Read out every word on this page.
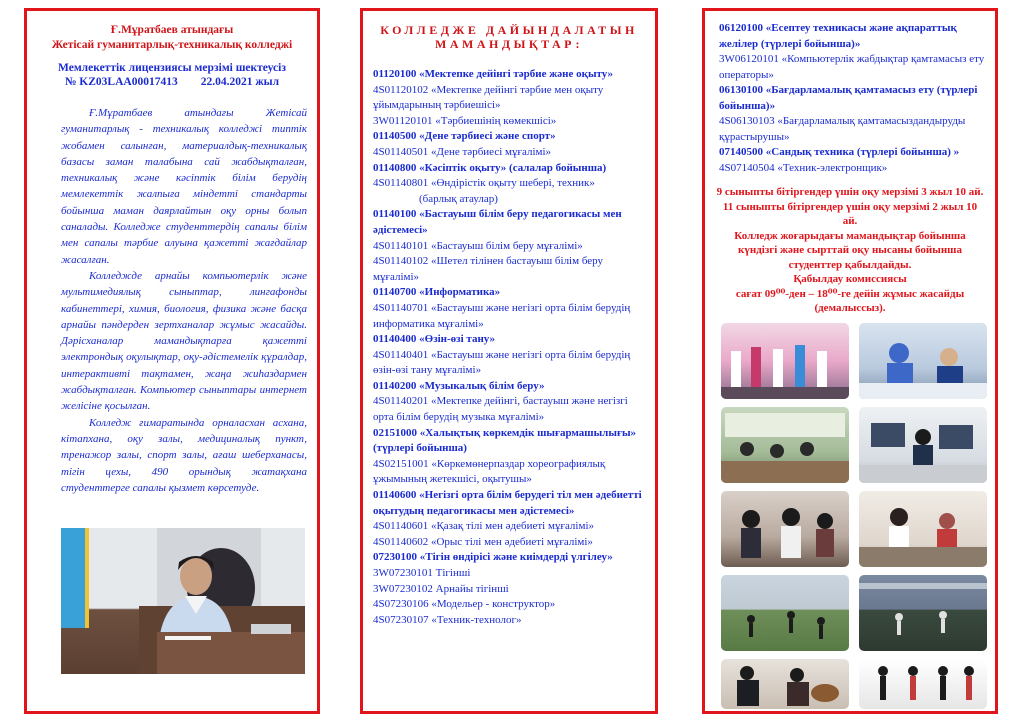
Ғ.Мұратбаев атындағы
Жетісай гуманитарлық-техникалық колледжі
Мемлекеттік лицензиясы мерзімі шектеусіз
№ KZ03LAA00017413        22.04.2021 жыл

Ғ.Мұратбаев атындағы Жетісай гуманитарлық - техникалық колледжі типтік жобамен салынған, материалдық-техникалық базасы заман талабына сай жабдықталған, техникалық және кәсіптік білім берудің мемлекеттік жалпыға міндетті стандарты бойынша маман даярлайтын оқу орны болып саналады. Колледже студенттердің сапалы білім мен сапалы тәрбие алуына қажетті жағдайлар жасалған.

Колледжде арнайы компьютерлік және мультимедиялық сыныптар, лингафонды кабинеттері, химия, биология, физика және басқа арнайы пәндерден зертханалар жұмыс жасайды. Дәрісханалар мамандықтарға қажетті электрондық оқулықтар, оқу-әдістемелік құралдар, интерактивті тақтамен, жаңа жиһаздармен жабдықталған. Компьютер сыныптары интернет желісіне қосылған.

Колледж ғимаратында орналасхан асхана, кітапхана, оқу залы, медициналық пункт, тренажор залы, спорт залы, ағаш шеберханасы, тігін цехы, 490 орындық жатақхана студенттерге сапалы қызмет көрсетуде.

КОЛЛЕДЖЕ ДАЙЫНДАЛАТЫН
МАМАНДЫҚТАР:
01120100 «Мектепке дейінгі тәрбие және оқыту»
4S01120102 «Мектепке дейінгі тәрбие мен оқыту ұйымдарының тәрбиешісі»
3W01120101 «Тәрбиешінің көмекшісі»
01140500 «Дене тәрбиесі және спорт»
4S01140501 «Дене тәрбиесі мұғалімі»
01140800 «Кәсіптік оқыту» (салалар бойынша)
4S01140801 «Өндірістік оқыту шебері, техник»
(барлық атаулар)
01140100 «Бастауыш білім беру педагогикасы мен әдістемесі»
4S01140101 «Бастауыш білім беру мұғалімі»
4S01140102 «Шетел тілінен бастауыш білім беру мұғалімі»
01140700 «Информатика»
4S01140701 «Бастауыш және негізгі орта білім берудің информатика мұғалімі»
01140400 «Өзін-өзі тану»
4S01140401 «Бастауыш және негізгі орта білім берудің өзін-өзі тану мұғалімі»
01140200 «Музыкалық білім беру»
4S01140201 «Мектепке дейінгі, бастауыш және негізгі орта білім берудің музыка мұғалімі»
02151000 «Халықтық көркемдік шығармашылығы» (түрлері бойынша)
4S02151001 «Көркемөнерпаздар хореографиялық ұжымының жетекшісі, оқытушы»
01140600 «Негізгі орта білім берудегі тіл мен әдебиетті оқытудың педагогикасы мен әдістемесі»
4S01140601 «Қазақ тілі мен әдебиеті мұғалімі»
4S01140602 «Орыс тілі мен әдебиеті мұғалімі»
07230100 «Тігін өндірісі және киімдерді үлгілеу»
3W07230101 Тігінші
3W07230102 Арнайы тігінші
4S07230106 «Модельер - конструктор»
4S07230107 «Техник-технолог»
06120100 «Есептеу техникасы және ақпараттық желілер (түрлері бойынша)»
3W06120101 «Компьютерлік жабдықтар қамтамасыз ету операторы»
06130100 «Бағдарламалық қамтамасыз ету (түрлері бойынша)»
4S06130103 «Бағдарламалық қамтамасыздандыруды құрастырушы»
07140500 «Сандық техника (түрлері бойынша) »
4S07140504 «Техник-электронщик»

9 сыныпты бітіргендер үшін оқу мерзімі 3 жыл 10 ай.

11 сыныпты бітіргендер үшін оқу мерзімі 2 жыл 10 ай.

Колледж жоғарыдағы мамандықтар бойынша күндізгі және сырттай оқу нысаны бойынша студенттер қабылдайды.

Қабылдау комиссиясы

сағат 09⁰⁰-ден – 18⁰⁰-ге дейін жұмыс жасайды (демалыссыз).
